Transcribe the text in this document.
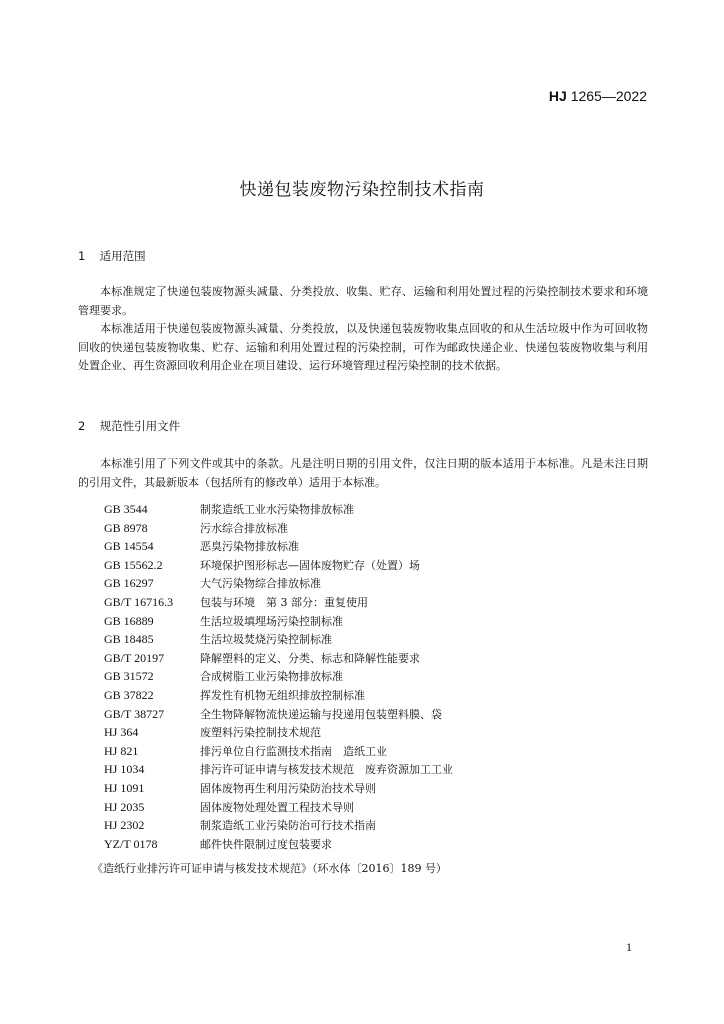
HJ 1265—2022
快递包装废物污染控制技术指南
1 适用范围

本标准规定了快递包装废物源头减量、分类投放、收集、贮存、运输和利用处置过程的污染控制技术要求和环境管理要求。

本标准适用于快递包装废物源头减量、分类投放，以及快递包装废物收集点回收的和从生活垃圾中作为可回收物回收的快递包装废物收集、贮存、运输和利用处置过程的污染控制，可作为邮政快递企业、快递包装废物收集与利用处置企业、再生资源回收利用企业在项目建设、运行环境管理过程污染控制的技术依据。

2 规范性引用文件

本标准引用了下列文件或其中的条款。凡是注明日期的引用文件，仅注日期的版本适用于本标准。凡是未注日期的引用文件，其最新版本（包括所有的修改单）适用于本标准。

GB 3544	制浆造纸工业水污染物排放标准
GB 8978	污水综合排放标准
GB 14554	恶臭污染物排放标准
GB 15562.2	环境保护图形标志—固体废物贮存（处置）场
GB 16297	大气污染物综合排放标准
GB/T 16716.3 包装与环境　第 3 部分：重复使用
GB 16889	生活垃圾填埋场污染控制标准
GB 18485	生活垃圾焚烧污染控制标准
GB/T 20197	降解塑料的定义、分类、标志和降解性能要求
GB 31572	合成树脂工业污染物排放标准
GB 37822	挥发性有机物无组织排放控制标准
GB/T 38727	全生物降解物流快递运输与投递用包装塑料膜、袋
HJ 364	废塑料污染控制技术规范
HJ 821	排污单位自行监测技术指南　造纸工业
HJ 1034	排污许可证申请与核发技术规范　废弃资源加工工业
HJ 1091	固体废物再生利用污染防治技术导则
HJ 2035	固体废物处理处置工程技术导则
HJ 2302	制浆造纸工业污染防治可行技术指南
YZ/T 0178	邮件快件限制过度包装要求
《造纸行业排污许可证申请与核发技术规范》（环水体〔2016〕189 号）
1
